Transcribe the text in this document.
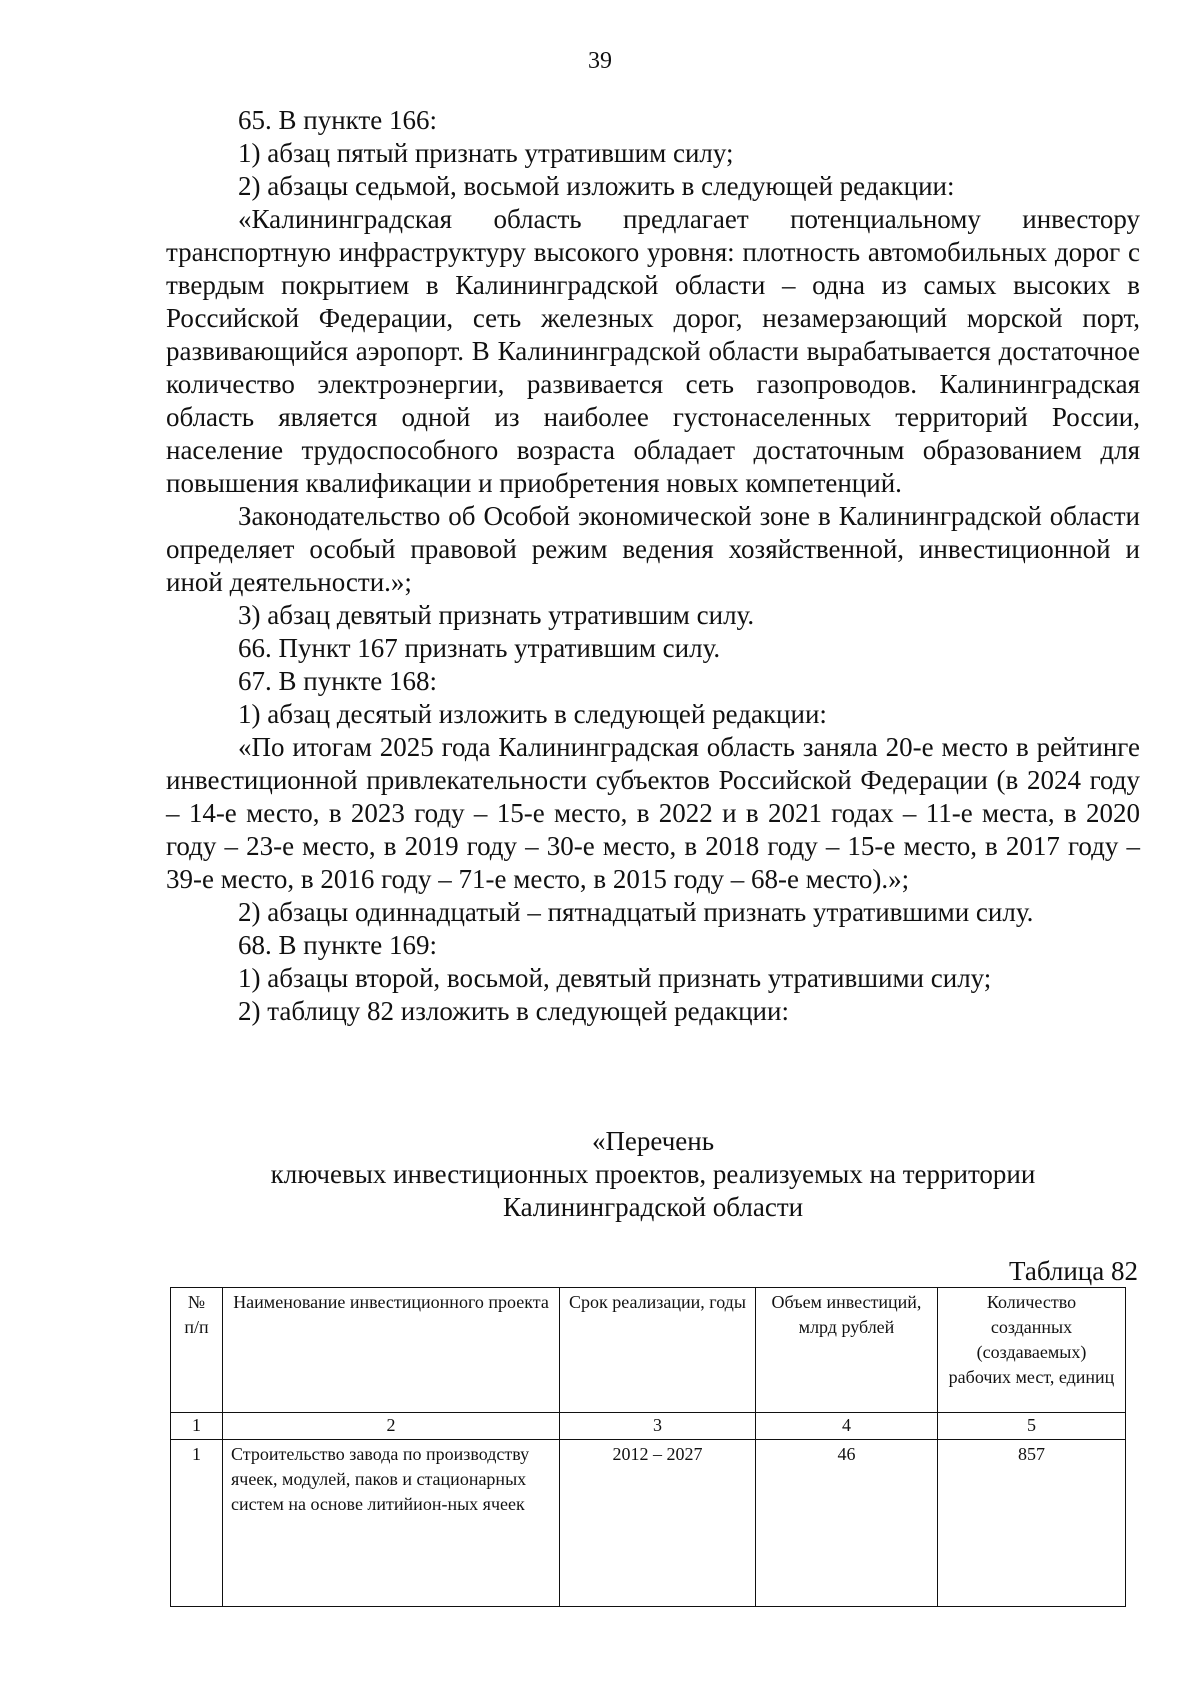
39

65. В пункте 166:

1) абзац пятый признать утратившим силу;

2) абзацы седьмой, восьмой изложить в следующей редакции:

«Калининградская область предлагает потенциальному инвестору транспортную инфраструктуру высокого уровня: плотность автомобильных дорог с твердым покрытием в Калининградской области – одна из самых высоких в Российской Федерации, сеть железных дорог, незамерзающий морской порт, развивающийся аэропорт. В Калининградской области вырабатывается достаточное количество электроэнергии, развивается сеть газопроводов. Калининградская область является одной из наиболее густонаселенных территорий России, население трудоспособного возраста обладает достаточным образованием для повышения квалификации и приобретения новых компетенций.

Законодательство об Особой экономической зоне в Калининградской области определяет особый правовой режим ведения хозяйственной, инвестиционной и иной деятельности.»;

3) абзац девятый признать утратившим силу.

66. Пункт 167 признать утратившим силу.

67. В пункте 168:

1) абзац десятый изложить в следующей редакции:

«По итогам 2025 года Калининградская область заняла 20-е место в рейтинге инвестиционной привлекательности субъектов Российской Федерации (в 2024 году – 14-е место, в 2023 году – 15-е место, в 2022 и в 2021 годах – 11-е места, в 2020 году – 23-е место, в 2019 году – 30-е место, в 2018 году – 15-е место, в 2017 году – 39-е место, в 2016 году – 71-е место, в 2015 году – 68-е место).»;

2) абзацы одиннадцатый – пятнадцатый признать утратившими силу.

68. В пункте 169:

1) абзацы второй, восьмой, девятый признать утратившими силу;

2) таблицу 82 изложить в следующей редакции:

«Перечень
ключевых инвестиционных проектов, реализуемых на территории
Калининградской области
Таблица 82
№ п/п	Наименование инвестиционного проекта	Срок реализации, годы	Объем инвестиций, млрд рублей	Количество созданных (создаваемых) рабочих мест, единиц
1	2	3	4	5
1	Строительство завода по производству ячеек, модулей, паков и стационарных систем на основе литийион-ных ячеек	2012 – 2027	46	857
